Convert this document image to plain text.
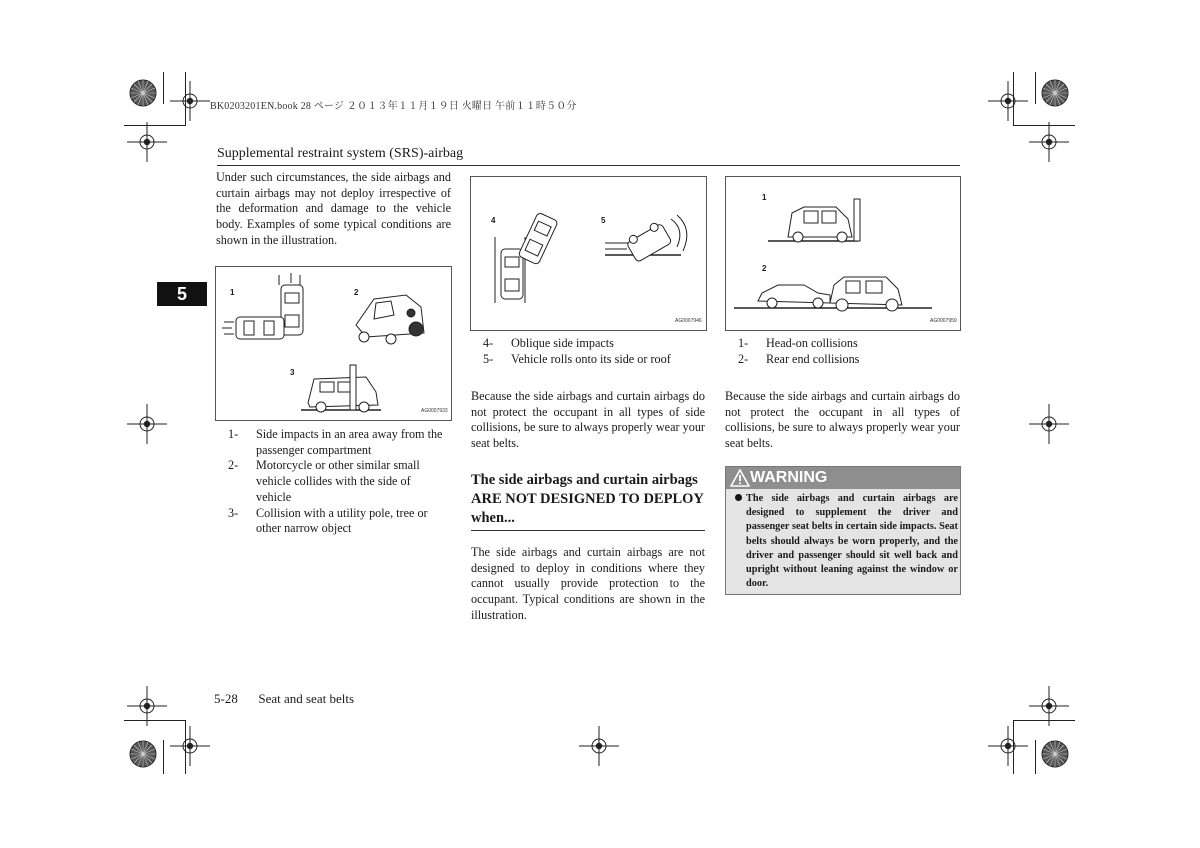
BK0203201EN.book 28 ページ ２０１３年１１月１９日 火曜日 午前１１時５０分
Supplemental restraint system (SRS)-airbag
5
Under such circumstances, the side airbags and curtain airbags may not deploy irrespective of the deformation and damage to the vehicle body. Examples of some typical conditions are shown in the illustration.
1	2
3
AG0007933
1- Side impacts in an area away from the passenger compartment
2- Motorcycle or other similar small vehicle collides with the side of vehicle
3- Collision with a utility pole, tree or other narrow object
4	5
AG0007946
4- Oblique side impacts
5- Vehicle rolls onto its side or roof
Because the side airbags and curtain airbags do not protect the occupant in all types of side collisions, be sure to always properly wear your seat belts.
The side airbags and curtain airbags ARE NOT DESIGNED TO DEPLOY when...
The side airbags and curtain airbags are not designed to deploy in conditions where they cannot usually provide protection to the occupant. Typical conditions are shown in the illustration.
1
2
AG0007959
1- Head-on collisions
2- Rear end collisions
Because the side airbags and curtain airbags do not protect the occupant in all types of collisions, be sure to always properly wear your seat belts.
WARNING
The side airbags and curtain airbags are designed to supplement the driver and passenger seat belts in certain side impacts. Seat belts should always be worn properly, and the driver and passenger should sit well back and upright without leaning against the window or door.
5-28 Seat and seat belts
